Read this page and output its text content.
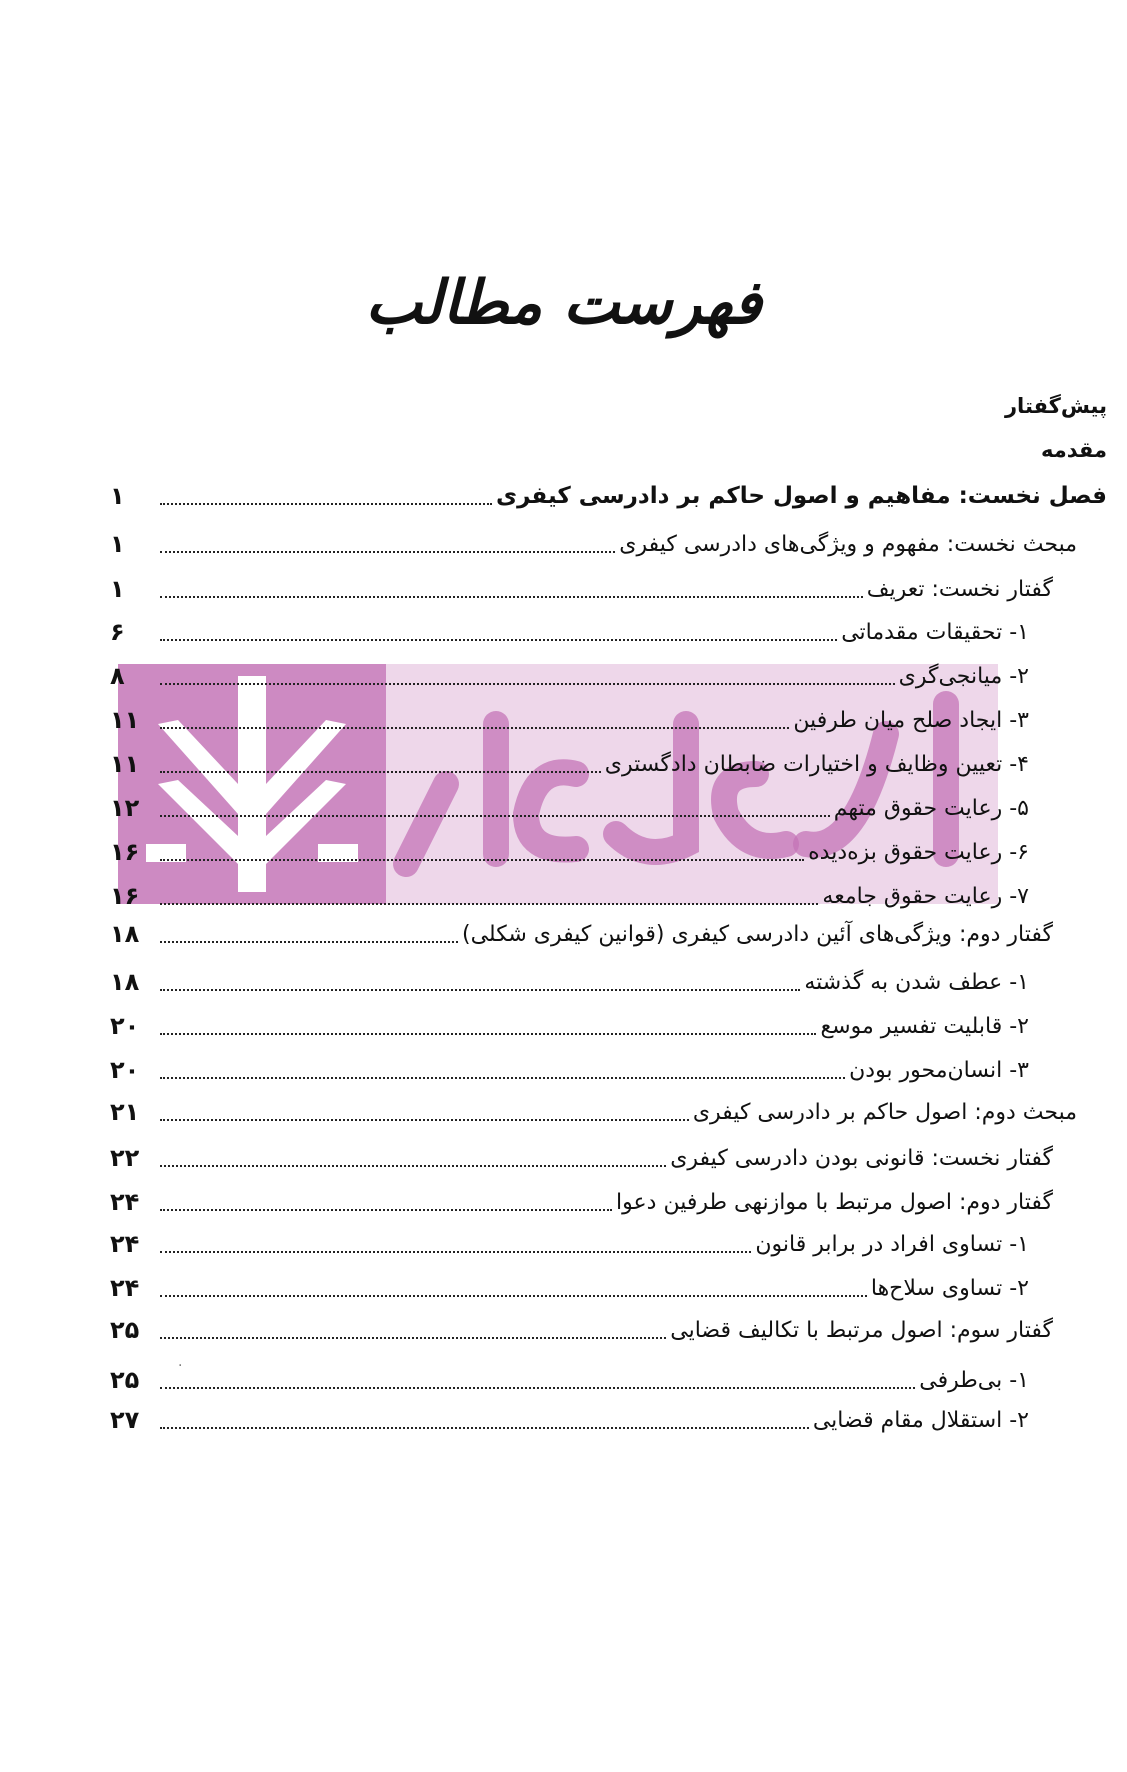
فهرست مطالب
پیش‌گفتار
مقدمه
فصل نخست: مفاهیم و اصول حاکم بر دادرسی کیفری
۱
مبحث نخست: مفهوم و ویژگی‌های دادرسی کیفری
۱
گفتار نخست: تعریف
۱
۱- تحقیقات مقدماتی
۶
۲- میانجی‌گری
۸
۳- ایجاد صلح میان طرفین
۱۱
۴- تعیین وظایف و اختیارات ضابطان دادگستری
۱۱
۵- رعایت حقوق متهم
۱۲
۶- رعایت حقوق بزه‌دیده
۱۶
۷- رعایت حقوق جامعه
۱۶
گفتار دوم: ویژگی‌های آئین دادرسی کیفری (قوانین کیفری شکلی)
۱۸
۱- عطف شدن به گذشته
۱۸
۲- قابلیت تفسیر موسع
۲۰
۳- انسان‌محور بودن
۲۰
مبحث دوم: اصول حاکم بر دادرسی کیفری
۲۱
گفتار نخست: قانونی بودن دادرسی کیفری
۲۲
گفتار دوم: اصول مرتبط با موازنهی طرفین دعوا
۲۴
۱- تساوی افراد در برابر قانون
۲۴
۲- تساوی سلاح‌ها
۲۴
گفتار سوم: اصول مرتبط با تکالیف قضایی
۲۵
۱- بی‌طرفی
۲۵
۲- استقلال مقام قضایی
۲۷
·
